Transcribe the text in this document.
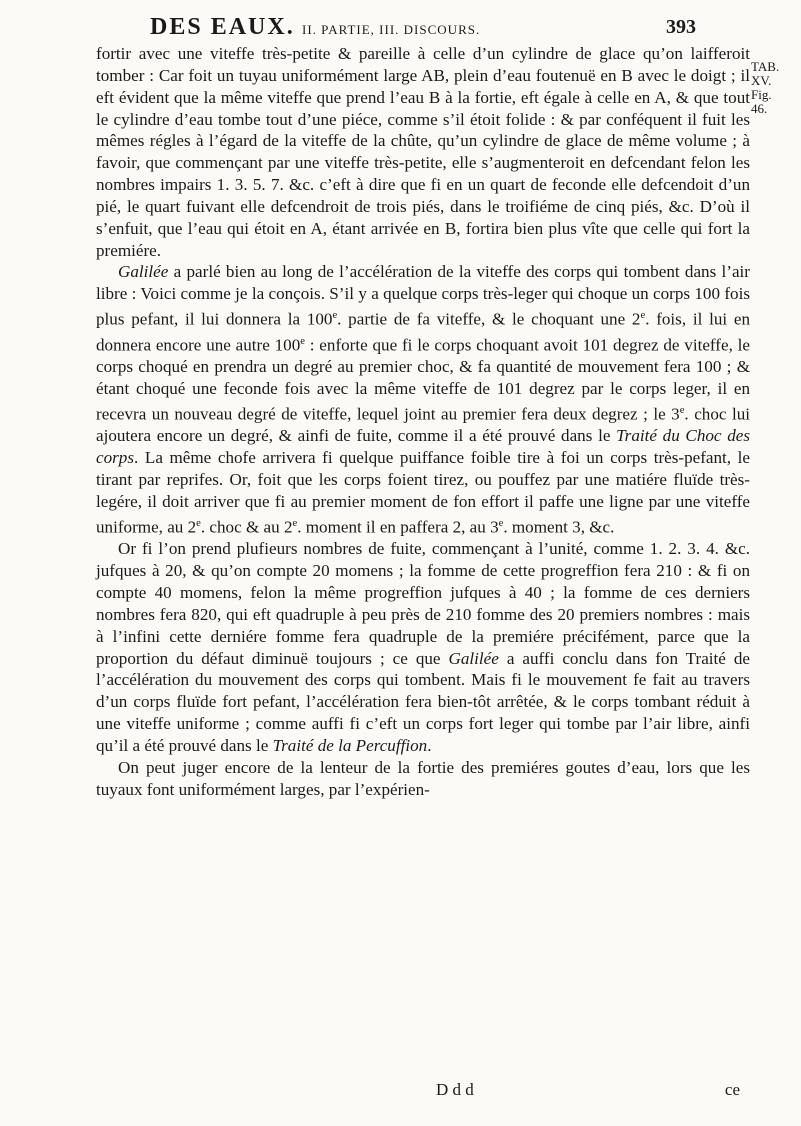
DES EAUX. II. PARTIE, III. DISCOURS.	393
TAB.
XV.
Fig. 46.

fortir avec une viteffe très-petite & pareille à celle d’un cylindre de glace qu’on laifferoit tomber : Car foit un tuyau uniformément large AB, plein d’eau foutenuë en B avec le doigt ; il eft évident que la même viteffe que prend l’eau B à la fortie, eft égale à celle en A, & que tout le cylindre d’eau tombe tout d’une piéce, comme s’il étoit folide : & par conféquent il fuit les mêmes régles à l’égard de la viteffe de la chûte, qu’un cylindre de glace de même volume ; à favoir, que commençant par une viteffe très-petite, elle s’augmenteroit en defcendant felon les nombres impairs 1. 3. 5. 7. &c. c’eft à dire que fi en un quart de feconde elle defcendoit d’un pié, le quart fuivant elle defcendroit de trois piés, dans le troifiéme de cinq piés, &c. D’où il s’enfuit, que l’eau qui étoit en A, étant arrivée en B, fortira bien plus vîte que celle qui fort la premiére.

Galilée a parlé bien au long de l’accélération de la viteffe des corps qui tombent dans l’air libre : Voici comme je la conçois. S’il y a quelque corps très-leger qui choque un corps 100 fois plus pefant, il lui donnera la 100e. partie de fa viteffe, & le choquant une 2e. fois, il lui en donnera encore une autre 100e : enforte que fi le corps choquant avoit 101 degrez de viteffe, le corps choqué en prendra un degré au premier choc, & fa quantité de mouvement fera 100 ; & étant choqué une feconde fois avec la même viteffe de 101 degrez par le corps leger, il en recevra un nouveau degré de viteffe, lequel joint au premier fera deux degrez ; le 3e. choc lui ajoutera encore un degré, & ainfi de fuite, comme il a été prouvé dans le Traité du Choc des corps. La même chofe arrivera fi quelque puiffance foible tire à foi un corps très-pefant, le tirant par reprifes. Or, foit que les corps foient tirez, ou pouffez par une matiére fluïde très-legére, il doit arriver que fi au premier moment de fon effort il paffe une ligne par une viteffe uniforme, au 2e. choc & au 2e. moment il en paffera 2, au 3e. moment 3, &c.

Or fi l’on prend plufieurs nombres de fuite, commençant à l’unité, comme 1. 2. 3. 4. &c. jufques à 20, & qu’on compte 20 momens ; la fomme de cette progreffion fera 210 : & fi on compte 40 momens, felon la même progreffion jufques à 40 ; la fomme de ces derniers nombres fera 820, qui eft quadruple à peu près de 210 fomme des 20 premiers nombres : mais à l’infini cette derniére fomme fera quadruple de la premiére précifément, parce que la proportion du défaut diminuë toujours ; ce que Galilée a auffi conclu dans fon Traité de l’accélération du mouvement des corps qui tombent. Mais fi le mouvement fe fait au travers d’un corps fluïde fort pefant, l’accélération fera bien-tôt arrêtée, & le corps tombant réduit à une viteffe uniforme ; comme auffi fi c’eft un corps fort leger qui tombe par l’air libre, ainfi qu’il a été prouvé dans le Traité de la Percuffion.

On peut juger encore de la lenteur de la fortie des premiéres goutes d’eau, lors que les tuyaux font uniformément larges, par l’expérien-

D d d	ce
